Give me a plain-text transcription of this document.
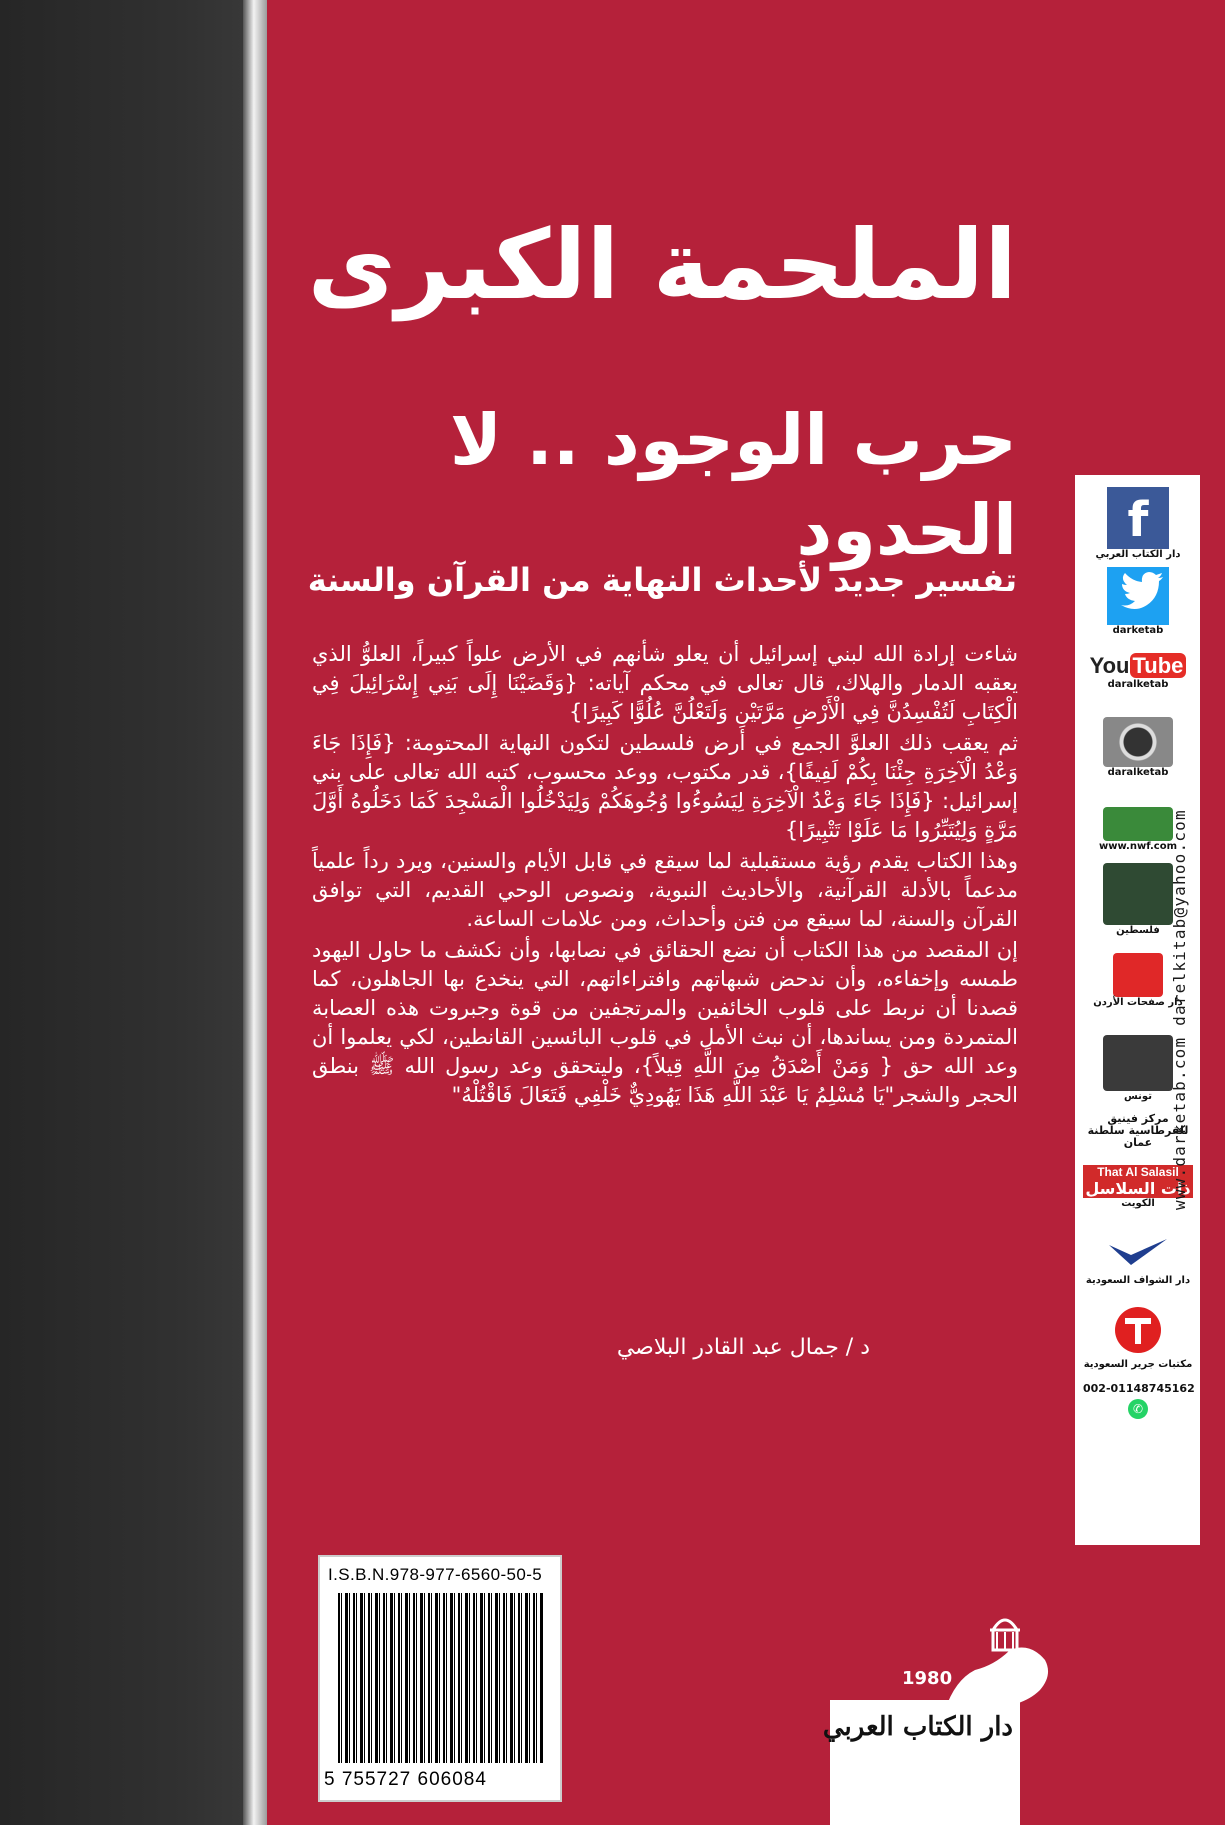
الملحمة الكبرى
حرب الوجود .. لا الحدود
تفسير جديد لأحداث النهاية من القرآن والسنة

شاءت إرادة الله لبني إسرائيل أن يعلو شأنهم في الأرض علواً كبيراً، العلوُّ الذي يعقبه الدمار والهلاك، قال تعالى في محكم آياته: {وَقَضَيْنَا إِلَى بَنِي إِسْرَائِيلَ فِي الْكِتَابِ لَتُفْسِدُنَّ فِي الْأَرْضِ مَرَّتَيْنِ وَلَتَعْلُنَّ عُلُوًّا كَبِيرًا}

ثم يعقب ذلك العلوَّ الجمع في أرض فلسطين لتكون النهاية المحتومة: {فَإِذَا جَاءَ وَعْدُ الْآخِرَةِ جِئْنَا بِكُمْ لَفِيفًا}، قدر مكتوب، ووعد محسوب، كتبه الله تعالى على بني إسرائيل: {فَإِذَا جَاءَ وَعْدُ الْآخِرَةِ لِيَسُوءُوا وُجُوهَكُمْ وَلِيَدْخُلُوا الْمَسْجِدَ كَمَا دَخَلُوهُ أَوَّلَ مَرَّةٍ وَلِيُتَبِّرُوا مَا عَلَوْا تَتْبِيرًا}

وهذا الكتاب يقدم رؤية مستقبلية لما سيقع في قابل الأيام والسنين، ويرد رداً علمياً مدعماً بالأدلة القرآنية، والأحاديث النبوية، ونصوص الوحي القديم، التي توافق القرآن والسنة، لما سيقع من فتن وأحداث، ومن علامات الساعة.

إن المقصد من هذا الكتاب أن نضع الحقائق في نصابها، وأن نكشف ما حاول اليهود طمسه وإخفاءه، وأن ندحض شبهاتهم وافتراءاتهم، التي ينخدع بها الجاهلون، كما قصدنا أن نربط على قلوب الخائفين والمرتجفين من قوة وجبروت هذه العصابة المتمردة ومن يساندها، أن نبث الأمل في قلوب البائسين القانطين، لكي يعلموا أن وعد الله حق { وَمَنْ أَصْدَقُ مِنَ اللَّهِ قِيلاً}، وليتحقق وعد رسول الله ﷺ بنطق الحجر والشجر"يَا مُسْلِمُ يَا عَبْدَ اللَّهِ هَذَا يَهُودِيٌّ خَلْفِي فَتَعَالَ فَاقْتُلْهُ"

د / جمال عبد القادر البلاصي
f
دار الكتاب العربي
darketab
You Tube
daralketab
daralketab
www.nwf.com
فلسطين
دار صفحات الأردن
تونس
مركز فينيق للقرطاسية سلطنة عمان
That Al Salasil
ذات السلاسل
الكويت
دار الشواف السعودية
مكتبات جرير السعودية
002-01148745162
✆
www.darketab.com darelkitab@yahoo.com
I.S.B.N.978-977-6560-50-5
5 755727 606084
1980
دار الكتاب العربي
